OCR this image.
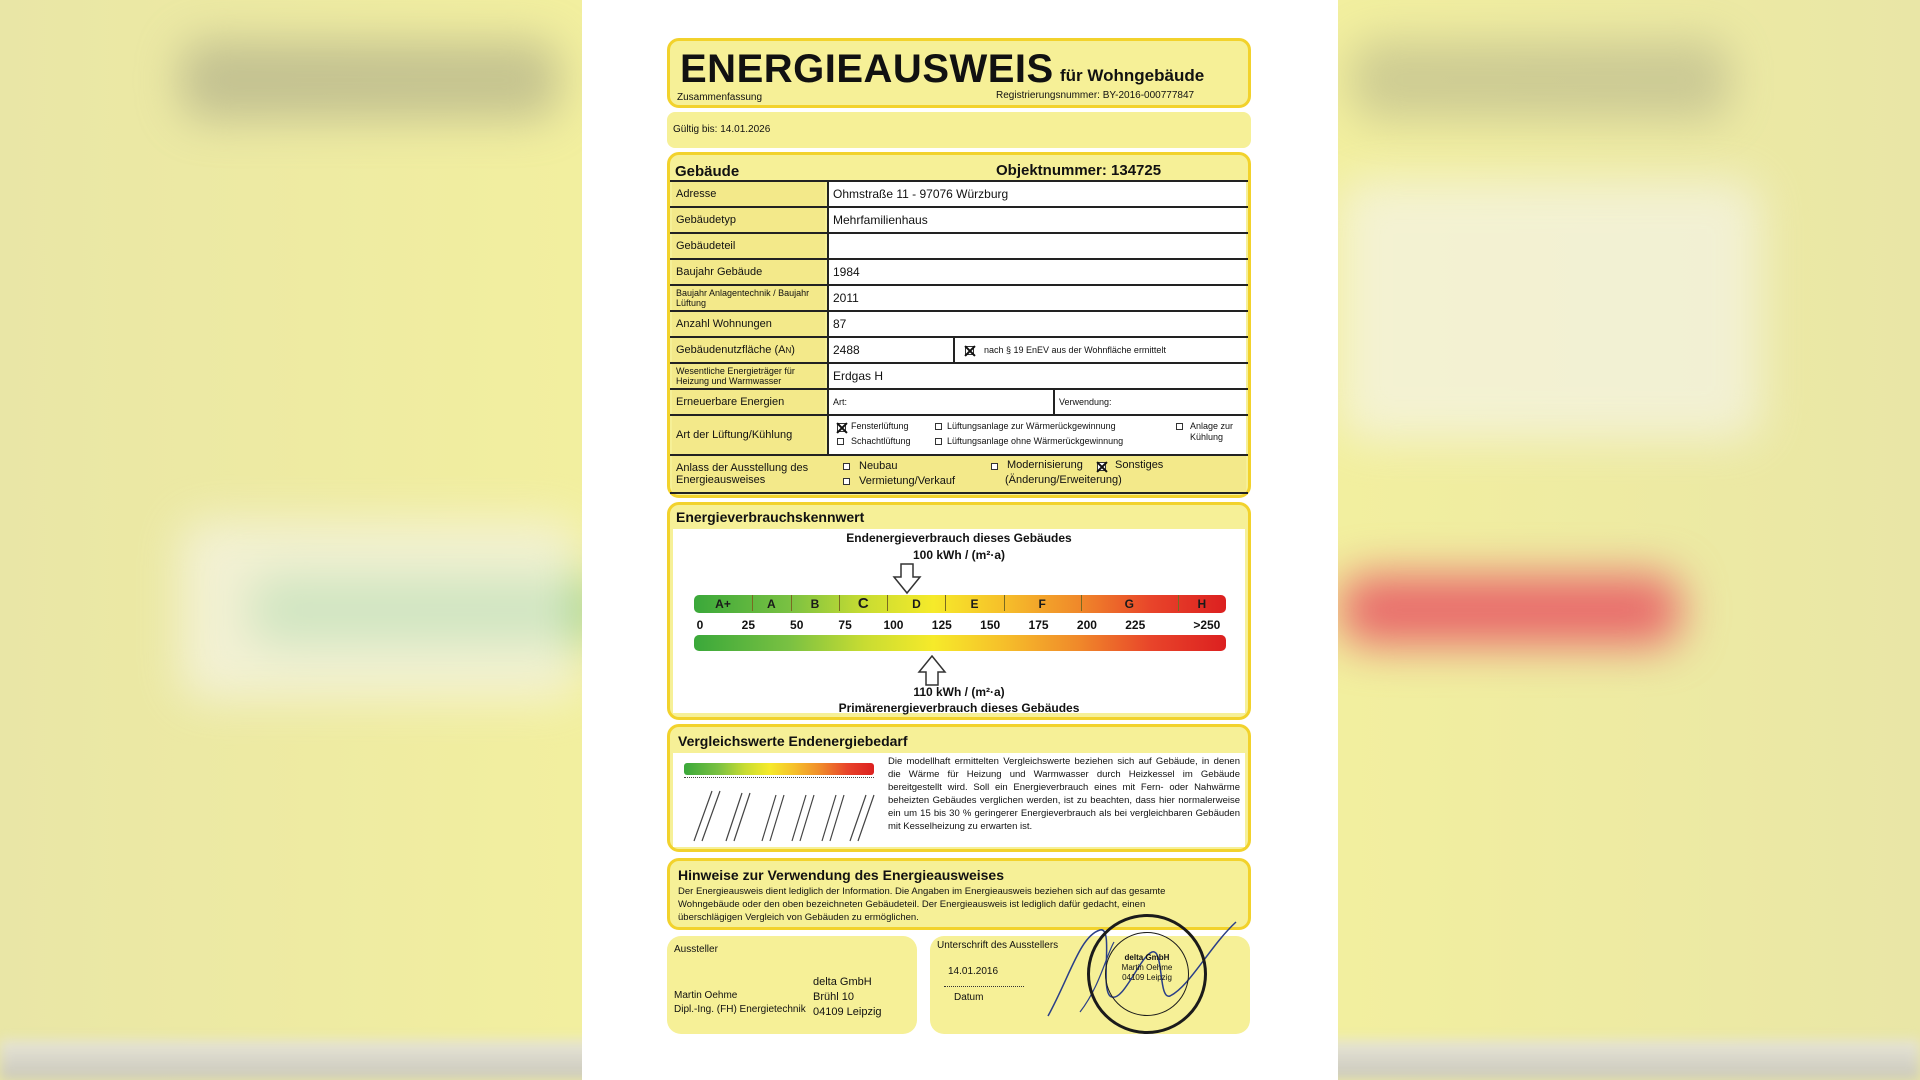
ENERGIEAUSWEIS für Wohngebäude
Zusammenfassung	Registrierungsnummer: BY-2016-000777847
Gültig bis: 14.01.2026
Gebäude	Objektnummer: 134725
Adresse	Ohmstraße 11 - 97076 Würzburg
Gebäudetyp	Mehrfamilienhaus
Gebäudeteil
Baujahr Gebäude	1984
Baujahr Anlagentechnik / Baujahr Lüftung	2011
Anzahl Wohnungen	87
Gebäudenutzfläche (A N )	2488	nach § 19 EnEV aus der Wohnfläche ermittelt
Wesentliche Energieträger für Heizung und Warmwasser	Erdgas H
Erneuerbare Energien	Art:	Verwendung:
Art der Lüftung/Kühlung
Fensterlüftung
Schachtlüftung
Lüftungsanlage zur Wärmerückgewinnung
Lüftungsanlage ohne Wärmerückgewinnung
Anlage zur Kühlung
Anlass der Ausstellung des Energieausweises
Neubau
Vermietung/Verkauf
Modernisierung
(Änderung/Erweiterung)
Sonstiges
Energieverbrauchskennwert
Endenergieverbrauch dieses Gebäudes
100 kWh / (m²·a)
A+	A	B	C	D	E	F	G	H
0	25	50	75	100	125	150	175	200	225	>250
110 kWh / (m²·a)
Primärenergieverbrauch dieses Gebäudes
Vergleichswerte Endenergiebedarf
Die modellhaft ermittelten Vergleichswerte beziehen sich auf Gebäude, in denen die Wärme für Heizung und Warmwasser durch Heizkessel im Gebäude bereitgestellt wird. Soll ein Energieverbrauch eines mit Fern- oder Nahwärme beheizten Gebäudes verglichen werden, ist zu beachten, dass hier normalerweise ein um 15 bis 30 % geringerer Energieverbrauch als bei vergleichbaren Gebäuden mit Kesselheizung zu erwarten ist.
Hinweise zur Verwendung des Energieausweises
Der Energieausweis dient lediglich der Information. Die Angaben im Energieausweis beziehen sich auf das gesamte Wohngebäude oder den oben bezeichneten Gebäudeteil. Der Energieausweis ist lediglich dafür gedacht, einen überschlägigen Vergleich von Gebäuden zu ermöglichen.
Aussteller
Martin Oehme
Dipl.-Ing. (FH) Energietechnik
delta GmbH
Brühl 10
04109 Leipzig
Unterschrift des Ausstellers
14.01.2016
Datum
delta GmbH
Martin Oehme
04109 Leipzig
